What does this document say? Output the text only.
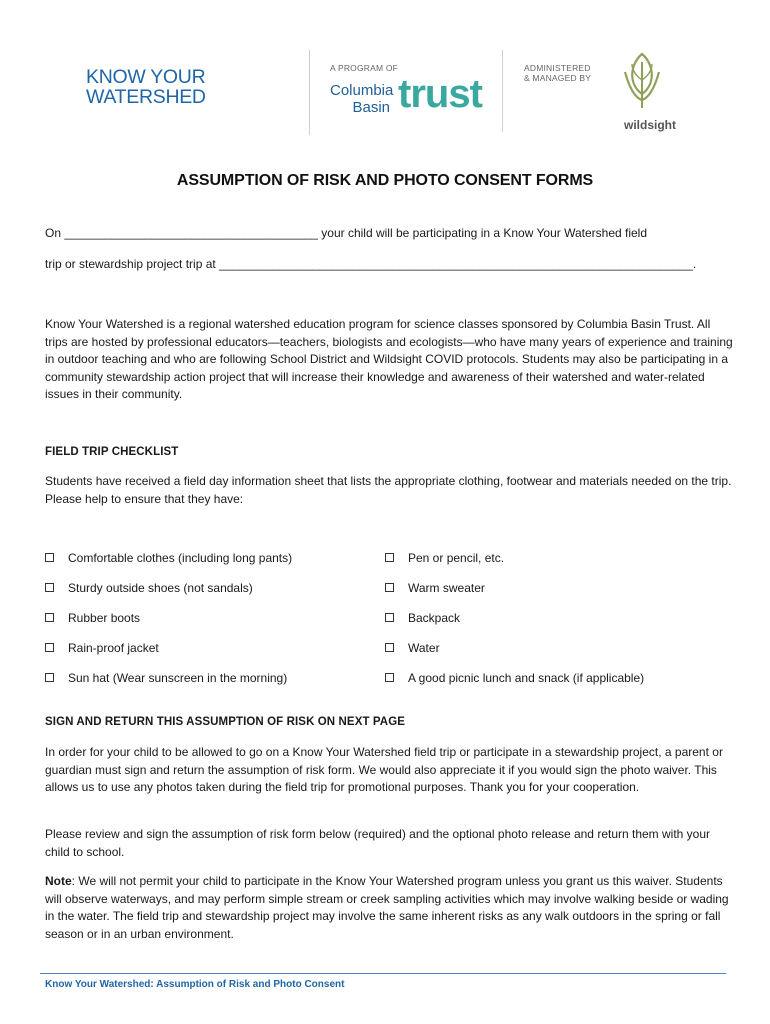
KNOW YOUR
WATERSHED
A PROGRAM OF
Columbia
Basin trust
ADMINISTERED
& MANAGED BY
wildsight
ASSUMPTION OF RISK AND PHOTO CONSENT FORMS
On ______________________________________ your child will be participating in a Know Your Watershed field
trip or stewardship project trip at _______________________________________________________________________.
Know Your Watershed is a regional watershed education program for science classes sponsored by Columbia Basin Trust. All trips are hosted by professional educators—teachers, biologists and ecologists—who have many years of experience and training in outdoor teaching and who are following School District and Wildsight COVID protocols. Students may also be participating in a community stewardship action project that will increase their knowledge and awareness of their watershed and water-related issues in their community.
FIELD TRIP CHECKLIST
Students have received a field day information sheet that lists the appropriate clothing, footwear and materials needed on the trip. Please help to ensure that they have:
Comfortable clothes (including long pants)
Sturdy outside shoes (not sandals)
Rubber boots
Rain-proof jacket
Sun hat (Wear sunscreen in the morning)
Pen or pencil, etc.
Warm sweater
Backpack
Water
A good picnic lunch and snack (if applicable)
SIGN AND RETURN THIS ASSUMPTION OF RISK ON NEXT PAGE
In order for your child to be allowed to go on a Know Your Watershed field trip or participate in a stewardship project, a parent or guardian must sign and return the assumption of risk form. We would also appreciate it if you would sign the photo waiver. This allows us to use any photos taken during the field trip for promotional purposes. Thank you for your cooperation.
Please review and sign the assumption of risk form below (required) and the optional photo release and return them with your child to school.
Note: We will not permit your child to participate in the Know Your Watershed program unless you grant us this waiver. Students will observe waterways, and may perform simple stream or creek sampling activities which may involve walking beside or wading in the water. The field trip and stewardship project may involve the same inherent risks as any walk outdoors in the spring or fall season or in an urban environment.
Know Your Watershed: Assumption of Risk and Photo Consent
